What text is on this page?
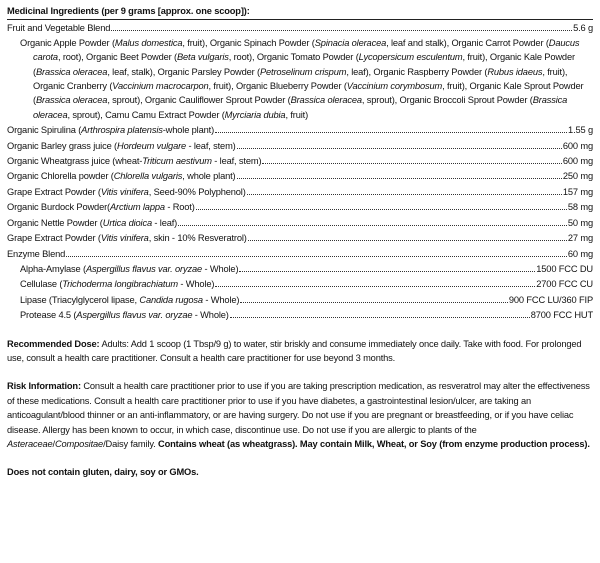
Medicinal Ingredients (per 9 grams [approx. one scoop]):
Fruit and Vegetable Blend	5.6 g
Organic Apple Powder (Malus domestica, fruit), Organic Spinach Powder (Spinacia oleracea, leaf and stalk), Organic Carrot Powder (Daucus
carota, root), Organic Beet Powder (Beta vulgaris, root), Organic Tomato Powder (Lycopersicum esculentum, fruit), Organic Kale Powder
(Brassica oleracea, leaf, stalk), Organic Parsley Powder (Petroselinum crispum, leaf), Organic Raspberry Powder (Rubus idaeus, fruit),
Organic Cranberry (Vaccinium macrocarpon, fruit), Organic Blueberry Powder (Vaccinium corymbosum, fruit), Organic Kale Sprout Powder
(Brassica oleracea, sprout), Organic Cauliflower Sprout Powder (Brassica oleracea, sprout), Organic Broccoli Sprout Powder (Brassica
oleracea, sprout), Camu Camu Extract Powder (Myrciaria dubia, fruit)
Organic Spirulina (Arthrospira platensis-whole plant)	1.55 g
Organic Barley grass juice (Hordeum vulgare - leaf, stem)	600 mg
Organic Wheatgrass juice (wheat-Triticum aestivum - leaf, stem)	600 mg
Organic Chlorella powder (Chlorella vulgaris, whole plant)	250 mg
Grape Extract Powder (Vitis vinifera, Seed-90% Polyphenol)	157 mg
Organic Burdock Powder(Arctium lappa - Root)	58 mg
Organic Nettle Powder (Urtica dioica - leaf)	50 mg
Grape Extract Powder (Vitis vinifera, skin - 10% Resveratrol)	27 mg
Enzyme Blend	60 mg
Alpha-Amylase (Aspergillus flavus var. oryzae - Whole)	1500 FCC DU
Cellulase (Trichoderma longibrachiatum - Whole)	2700 FCC CU
Lipase (Triacylglycerol lipase, Candida rugosa - Whole)	900 FCC LU/360 FIP
Protease 4.5 (Aspergillus flavus var. oryzae - Whole)	8700 FCC HUT
Recommended Dose: Adults: Add 1 scoop (1 Tbsp/9 g) to water, stir briskly and consume immediately once daily. Take with food. For prolonged use, consult a health care practitioner. Consult a health care practitioner for use beyond 3 months.
Risk Information: Consult a health care practitioner prior to use if you are taking prescription medication, as resveratrol may alter the effectiveness of these medications. Consult a health care practitioner prior to use if you have diabetes, a gastrointestinal lesion/ulcer, are taking an anticoagulant/blood thinner or an anti-inflammatory, or are having surgery. Do not use if you are pregnant or breastfeeding, or if you have celiac disease. Allergy has been known to occur, in which case, discontinue use. Do not use if you are allergic to plants of the Asteraceae/Compositae/Daisy family. Contains wheat (as wheatgrass). May contain Milk, Wheat, or Soy (from enzyme production process).
Does not contain gluten, dairy, soy or GMOs.
